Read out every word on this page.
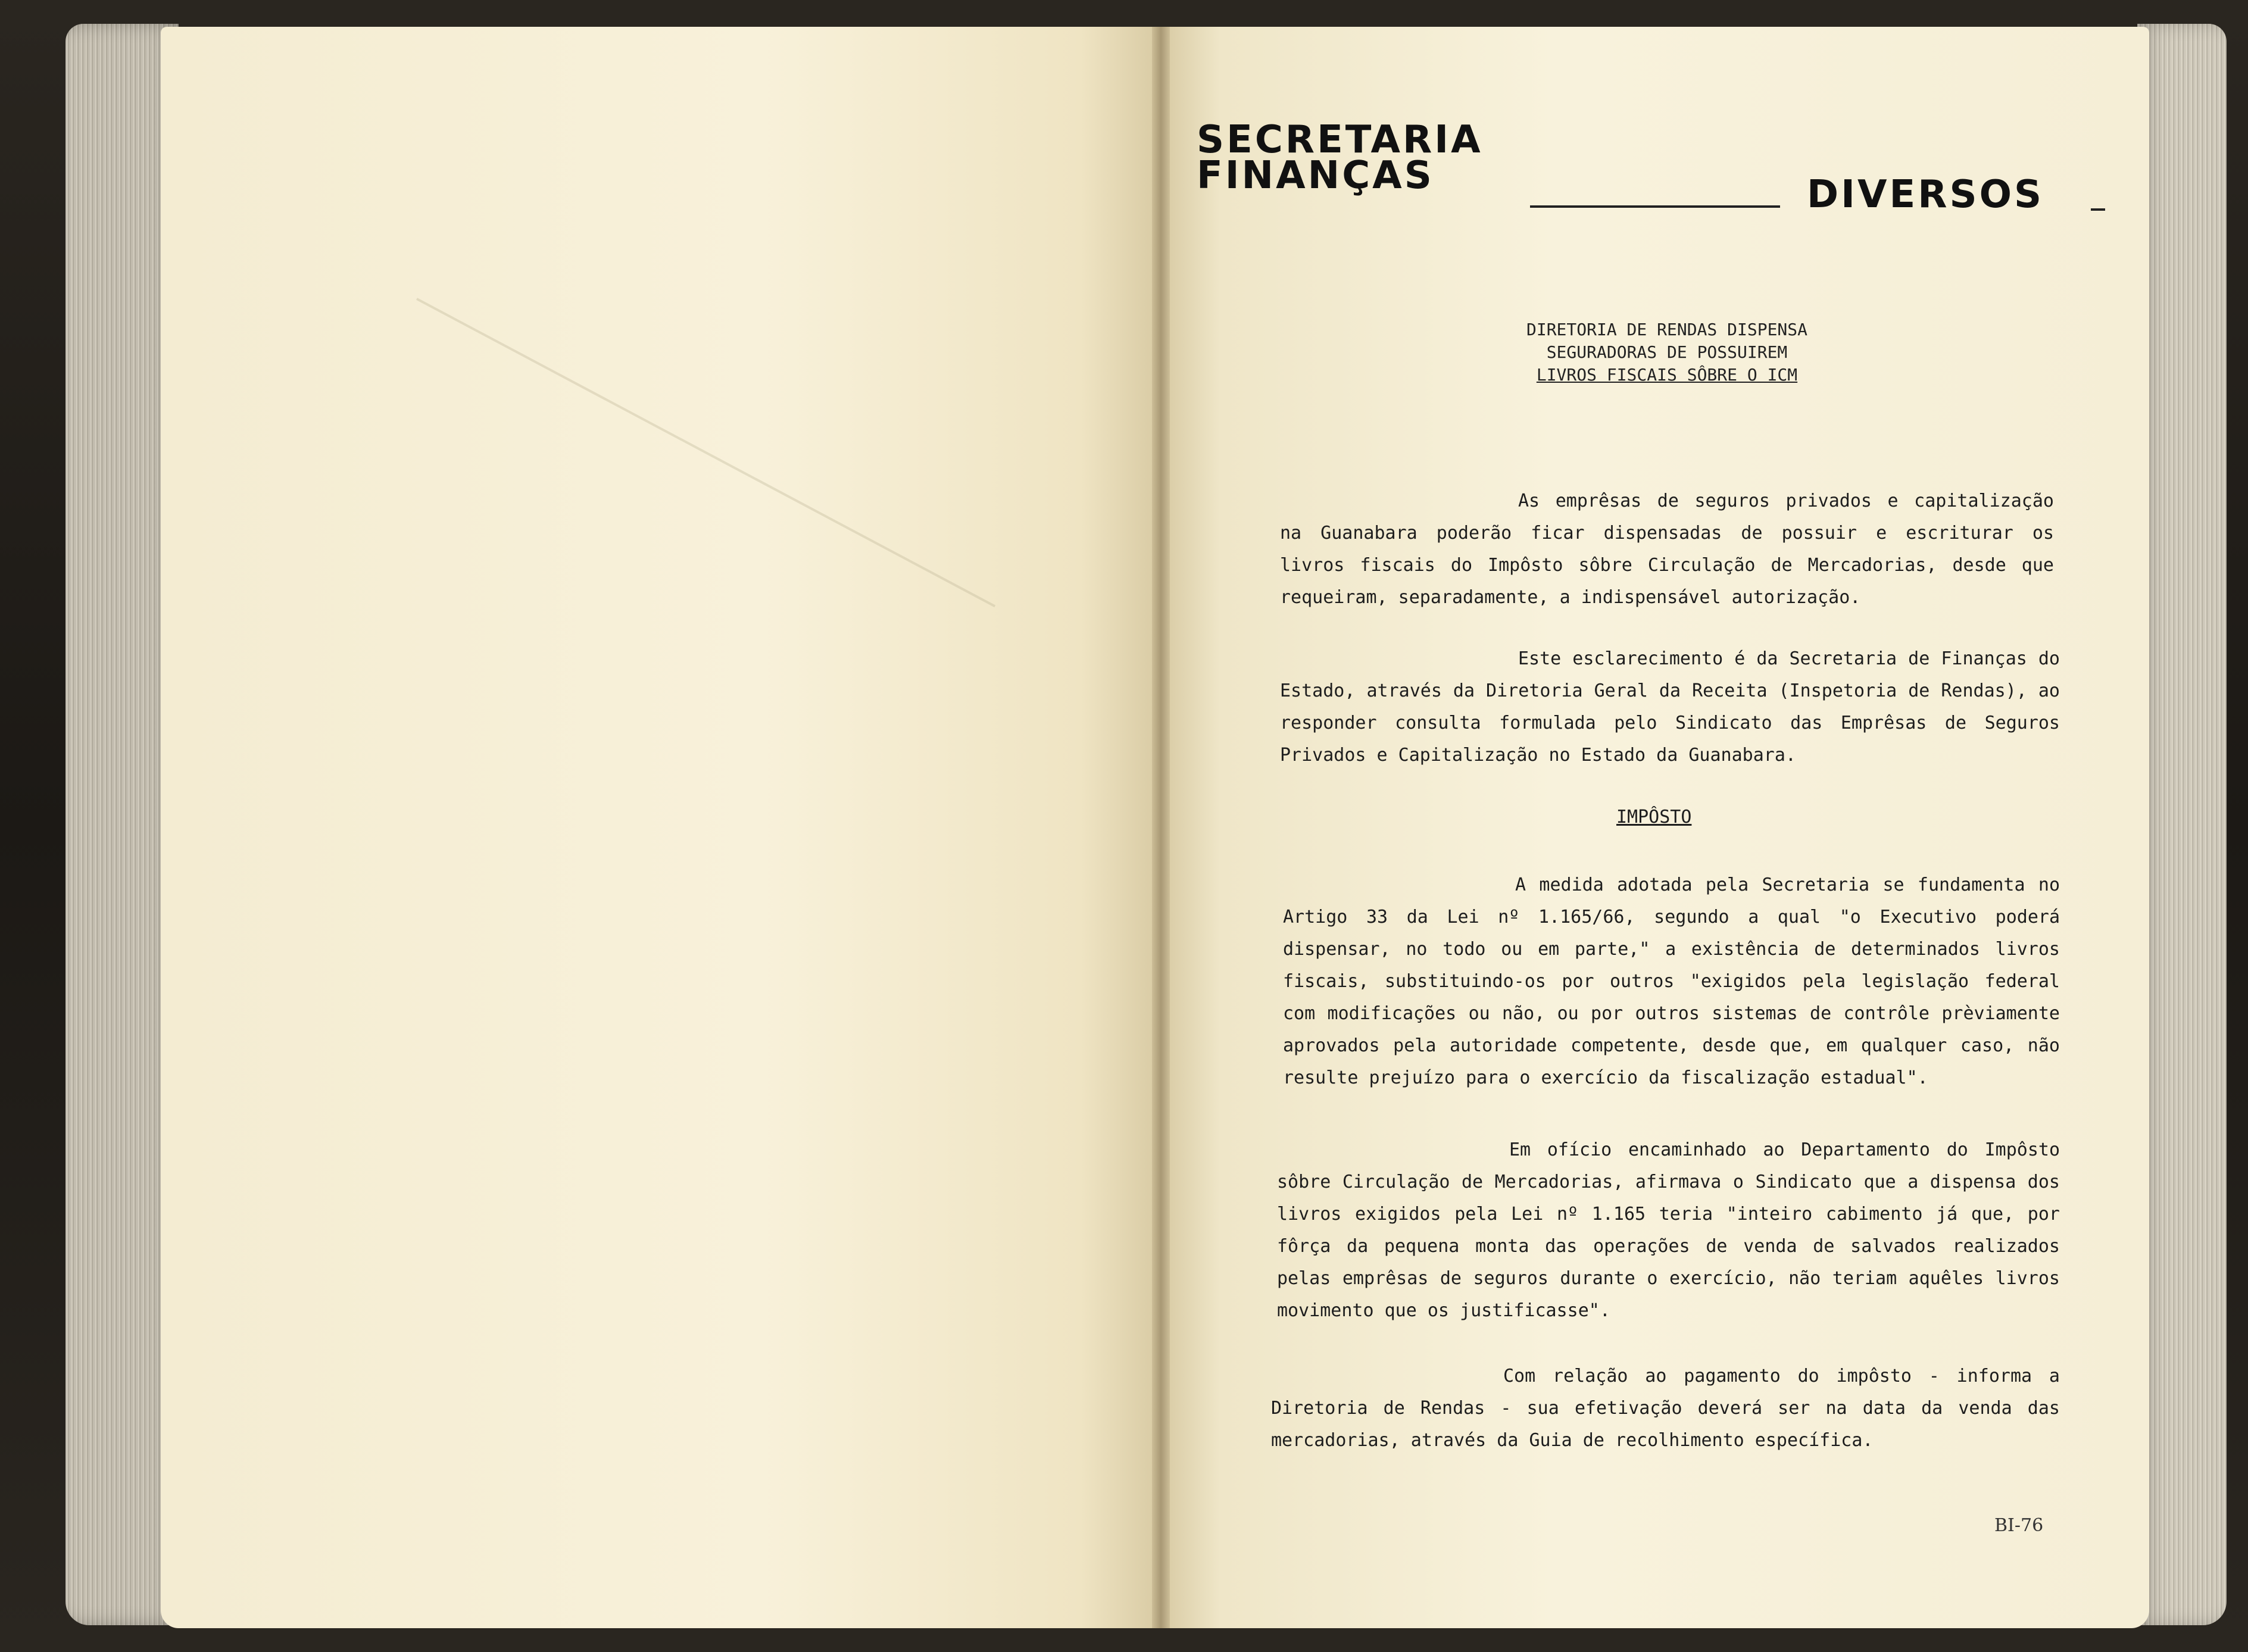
SECRETARIA
FINANÇAS	DIVERSOS
DIRETORIA DE RENDAS DISPENSA
SEGURADORAS DE POSSUIREM
LIVROS FISCAIS SÔBRE O ICM
As emprêsas de seguros privados e capitalização na Guanabara poderão ficar dispensadas de possuir e escriturar os livros fiscais do Impôsto sôbre Circulação de Mercadorias, desde que requeiram, separadamente, a indispensável autorização.
Este esclarecimento é da Secretaria de Finanças do Estado, através da Diretoria Geral da Receita (Inspetoria de Rendas), ao responder consulta formulada pelo Sindicato das Emprêsas de Seguros Privados e Capitalização no Estado da Guanabara.
IMPÔSTO
A medida adotada pela Secretaria se fundamenta no Artigo 33 da Lei nº 1.165/66, segundo a qual "o Executivo poderá dispensar, no todo ou em parte," a existência de determinados livros fiscais, substituindo-os por outros "exigidos pela legislação federal com modificações ou não, ou por outros sistemas de contrôle prèviamente aprovados pela autoridade competente, desde que, em qualquer caso, não resulte prejuízo para o exercício da fiscalização estadual".
Em ofício encaminhado ao Departamento do Impôsto sôbre Circulação de Mercadorias, afirmava o Sindicato que a dispensa dos livros exigidos pela Lei nº 1.165 teria "inteiro cabimento já que, por fôrça da pequena monta das operações de venda de salvados realizados pelas emprêsas de seguros durante o exercício, não teriam aquêles livros movimento que os justificasse".
Com relação ao pagamento do impôsto - informa a Diretoria de Rendas - sua efetivação deverá ser na data da venda das mercadorias, através da Guia de recolhimento específica.
BI-76
